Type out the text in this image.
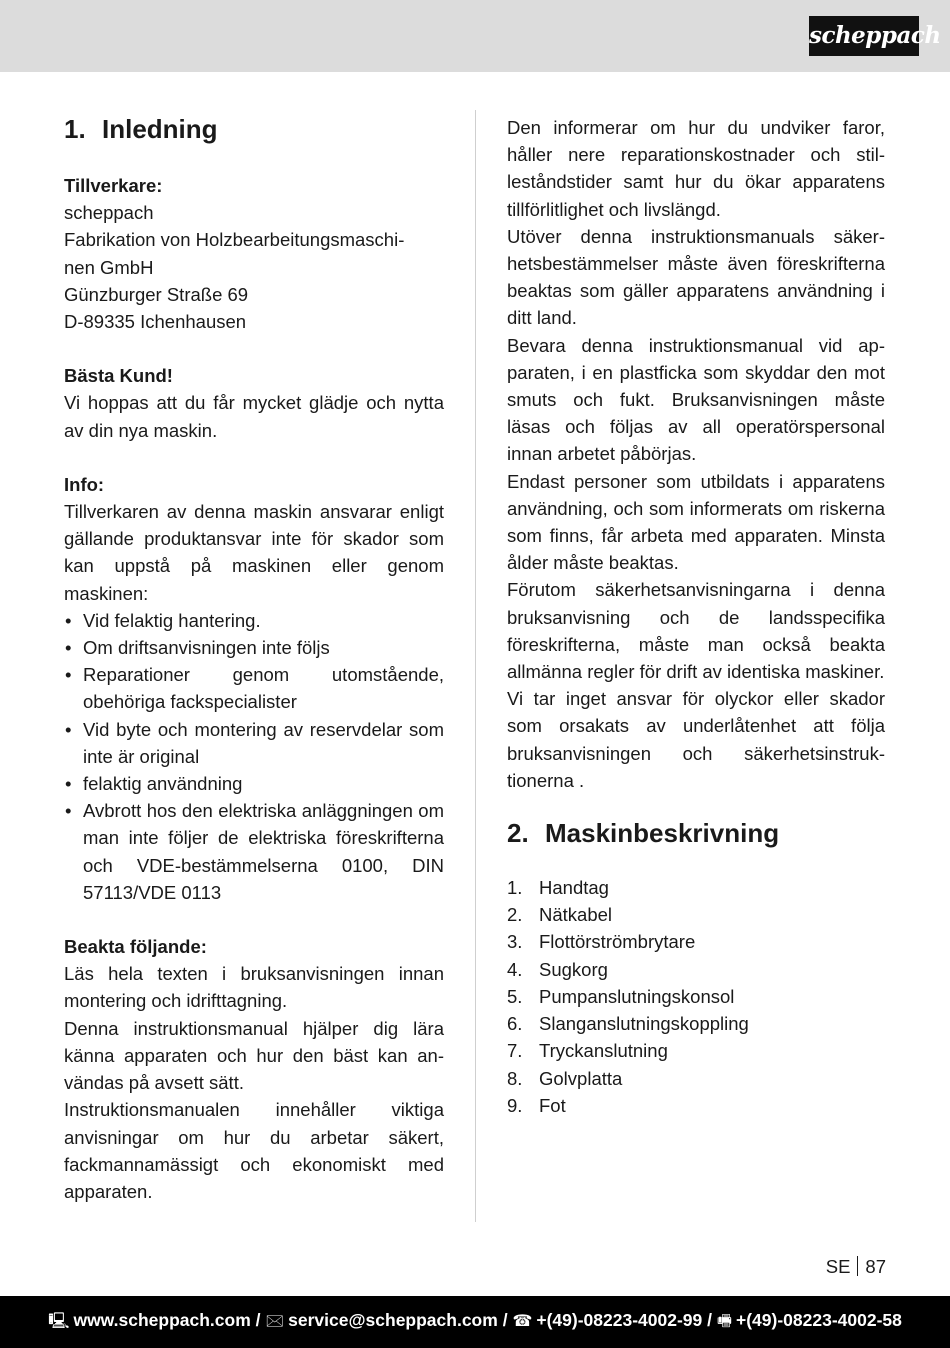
scheppach
1. Inledning

Tillverkare:

scheppach

Fabrikation von Holzbearbeitungsmaschi-

nen GmbH

Günzburger Straße 69

D-89335 Ichenhausen

Bästa Kund!

Vi hoppas att du får mycket glädje och nytta av din nya maskin.

Info:

Tillverkaren av denna maskin ansvarar enligt gällande produktansvar inte för skador som kan uppstå på maskinen eller genom maskinen:

• Vid felaktig hantering.
• Om driftsanvisningen inte följs
• Reparationer genom utomstående, obehöriga fackspecialister
• Vid byte och montering av reservdelar som inte är original
• felaktig användning
• Avbrott hos den elektriska anläggningen om man inte följer de elektriska föreskrifterna och VDE-bestämmelserna 0100, DIN 57113/VDE 0113

Beakta följande:

Läs hela texten i bruksanvisningen innan montering och idrifttagning.

Denna instruktionsmanual hjälper dig lära känna apparaten och hur den bäst kan användas på avsett sätt.

Instruktionsmanualen innehåller viktiga anvisningar om hur du arbetar säkert, fackmannamässigt och ekonomiskt med apparaten.

Den informerar om hur du undviker faror, håller nere reparationskostnader och stilleståndstider samt hur du ökar apparatens tillförlitlighet och livslängd.

Utöver denna instruktionsmanuals säkerhetsbestämmelser måste även föreskrifterna beaktas som gäller apparatens användning i ditt land.

Bevara denna instruktionsmanual vid apparaten, i en plastficka som skyddar den mot smuts och fukt. Bruksanvisningen måste läsas och följas av all operatörspersonal innan arbetet påbörjas.

Endast personer som utbildats i apparatens användning, och som informerats om riskerna som finns, får arbeta med apparaten. Minsta ålder måste beaktas.

Förutom säkerhetsanvisningarna i denna bruksanvisning och de landsspecifika föreskrifterna, måste man också beakta allmänna regler för drift av identiska maskiner.

Vi tar inget ansvar för olyckor eller skador som orsakats av underlåtenhet att följa bruksanvisningen och säkerhetsinstruktionerna .

2. Maskinbeskrivning
1. Handtag
2. Nätkabel
3. Flottörströmbrytare
4. Sugkorg
5. Pumpanslutningskonsol
6. Slanganslutningskoppling
7. Tryckanslutning
8. Golvplatta
9. Fot
SE 87
🖳 www.scheppach.com / 🖂 service@scheppach.com / ☎ +(49)-08223-4002-99 / 🖷 +(49)-08223-4002-58
